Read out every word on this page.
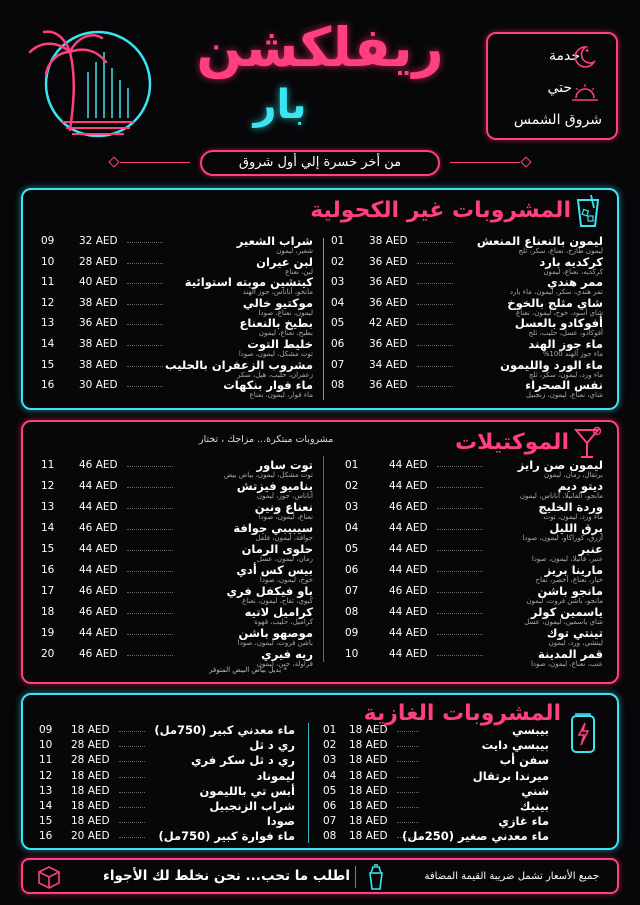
ريفلكشن
بار
خدمة
حتي
شروق الشمس
✦
من أخر خسرة إلي أول شروق
المشروبات غير الكحولية
01 38 AED	ليمون بالنعناع المنعش
ليمون طازج، نعناع، سكر، ثلج
02 36 AED	كركديه بارد
كركديه، نعناع، ليمون
03 36 AED	ممر هندي
تمر هندي، سكر، ليمون، ماء بارد
04 36 AED	شاي مثلج بالخوخ
شاي أسود، خوخ، ليمون، نعناع
05 42 AED	أفوكادو بالعسل
أفوكادو، عسل، حليب، ثلج
06 36 AED	ماء جوز الهند
ماء جوز الهند 100%
07 34 AED	ماء الورد والليمون
ماء ورد، ليمون، سكر، ثلج
08 36 AED	نفس الصحراء
شاي، نعناع، ليمون، زنجبيل
09 32 AED	شراب الشعير
شعير، ليمون
10 28 AED	لبن عيران
لبن، نعناع
11 40 AED	كيتشين موبته استوائية
مانجو، أناناس، جوز الهند
12 38 AED	موكتيو خالي
ليمون، نعناع، صودا
13 36 AED	بطيخ بالنعناع
بطيخ، نعناع، ليمون
14 38 AED	خليط التوت
توت مشكل، ليمون، صودا
15 38 AED	مشروب الزعفران بالحليب
زعفران، حليب، هيل، سكر
16 30 AED	ماء فوار بنكهات
ماء فوار، ليمون، نعناع
الموكتيلات
مشروبات مبتكرة... مزاجك ، تختار
* بديل بياض البيض المتوفر
01	44 AED	ليمون صن رايز
برتقال، رمان، ليمون
02	44 AED	ديتو ديم
مانجو، الفانيلا، أناناس، ليمون
03	46 AED	وردة الخليج
ماء ورد، ليمون، توت
04	44 AED	برق الليل
أزرق، كوراكاو، ليمون، صودا
05	44 AED	عنبر
عنبر، فانيلا، ليمون، صودا
06	44 AED	مارينا بريز
خيار، نعناع، أخضر، تفاح
07	46 AED	مانجو باشن
مانجو، باشن فروت، ليمون
08	44 AED	ياسمين كولر
شاي ياسمين، ليمون، عسل
09	44 AED	تينتي توك
ليتشي، ورد، ليمون
10	44 AED	قمر المدينة
عنب، نعناع، ليمون، صودا
11 46 AED	توت ساور
توت مشكل، ليمون، بياض بيض
12 44 AED	بناميو فيزتش
أناناس، جوز، ليمون
13 44 AED	نعناع ونين
نعناع، ليمون، صودا
14 46 AED	سيبيبي جوافة
جوافة، ليمون، فلفل
15 44 AED	حلوى الرمان
رمان، ليمون، عسل
16 44 AED	بيس كس أدي
خوخ، ليمون، صودا
17 46 AED	باو فيكفل فري
كيوي، تفاح، ليمون، نعناع
18 46 AED	كراميل لاتيه
كراميل، حليب، قهوة
19 44 AED	موصهو باشن
باشن فروت، ليمون، صودا
20 46 AED	ريه فيري
فراولة، جبن، ليمون
المشروبات الغازية
01 18 AED	بيبسي
02 18 AED	بيبسي دايت
03 18 AED	سفن أب
04 18 AED	ميرندا برتقال
05 18 AED	شني
06 18 AED	بينيك
07 18 AED	ماء غازي
08 18 AED ماء معدني صغير (250مل)
09 18 AED	ماء معدني كبير (750مل)
10 28 AED	ري د ثل
11 28 AED	ري د ثل سكر فري
12 18 AED	ليموناد
13 18 AED	أبس تي بالليمون
14 18 AED	شراب الزنجبيل
15 18 AED	صودا
16 20 AED	ماء فوارة كبير (750مل)
اطلب ما تحب... نحن نخلط لك الأجواء	جميع الأسعار تشمل ضريبة القيمة المضافة
